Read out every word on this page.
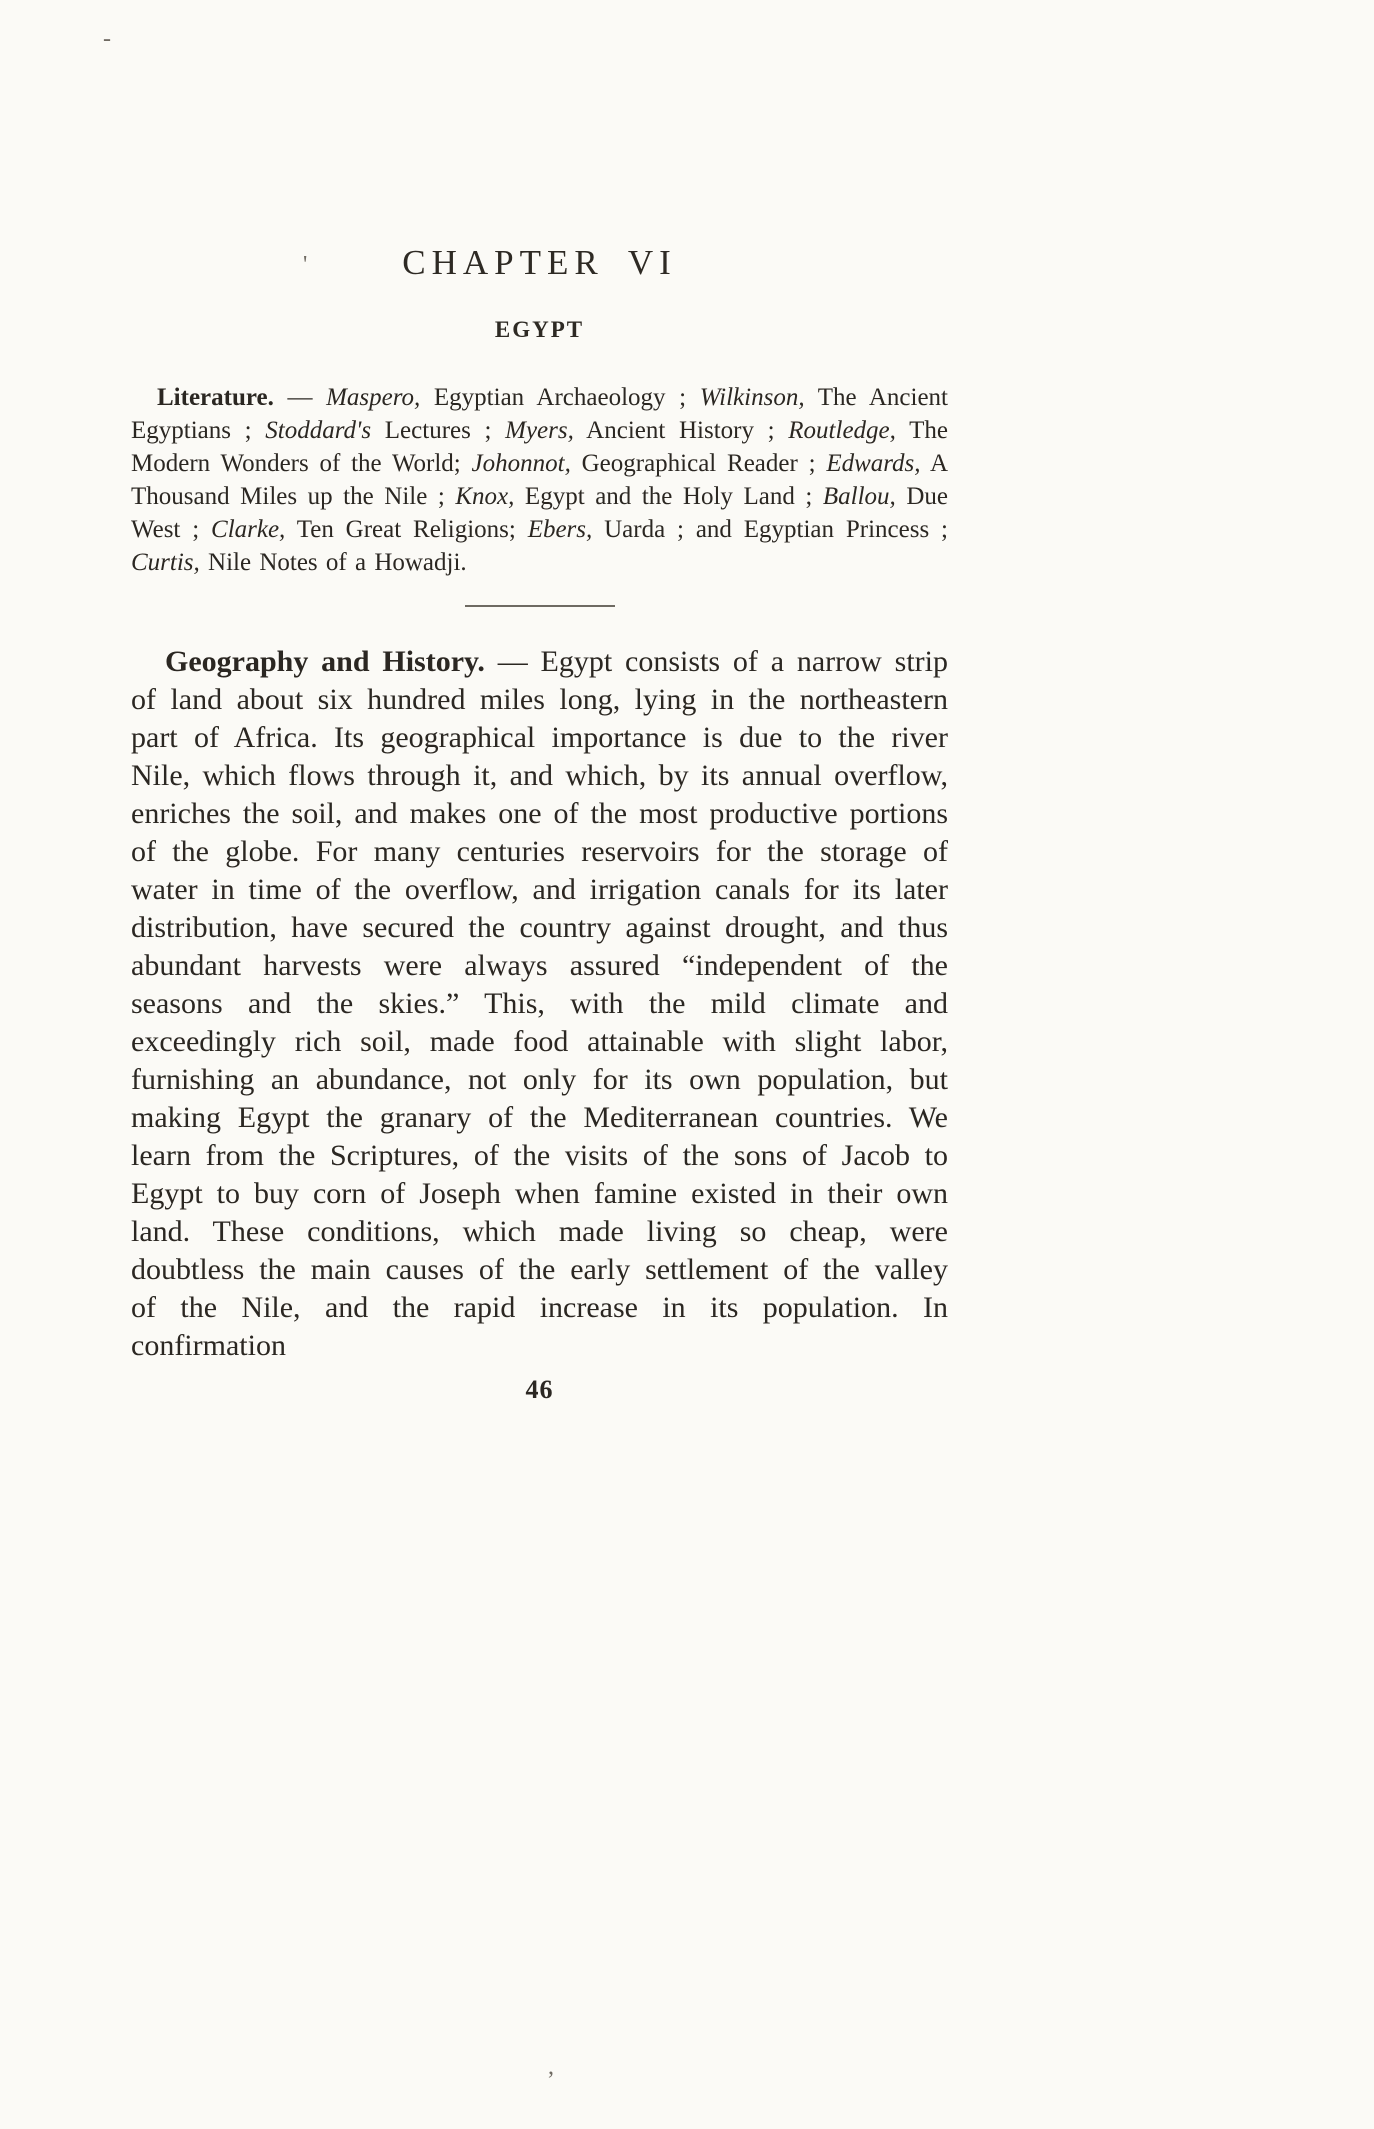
-
'
,
CHAPTER VI
EGYPT

Literature. — Maspero, Egyptian Archaeology ; Wilkinson, The Ancient Egyptians ; Stoddard's Lectures ; Myers, Ancient History ; Routledge, The Modern Wonders of the World; Johonnot, Geographical Reader ; Edwards, A Thousand Miles up the Nile ; Knox, Egypt and the Holy Land ; Ballou, Due West ; Clarke, Ten Great Religions; Ebers, Uarda ; and Egyptian Princess ; Curtis, Nile Notes of a Howadji.

Geography and History. — Egypt consists of a narrow strip of land about six hundred miles long, lying in the northeastern part of Africa. Its geographical importance is due to the river Nile, which flows through it, and which, by its annual overflow, enriches the soil, and makes one of the most productive portions of the globe. For many centuries reservoirs for the storage of water in time of the overflow, and irrigation canals for its later distribution, have secured the country against drought, and thus abundant harvests were always assured “independent of the seasons and the skies.” This, with the mild climate and exceedingly rich soil, made food attainable with slight labor, furnishing an abundance, not only for its own population, but making Egypt the granary of the Mediterranean countries. We learn from the Scriptures, of the visits of the sons of Jacob to Egypt to buy corn of Joseph when famine existed in their own land. These conditions, which made living so cheap, were doubtless the main causes of the early settlement of the valley of the Nile, and the rapid increase in its population. In confirmation

46
